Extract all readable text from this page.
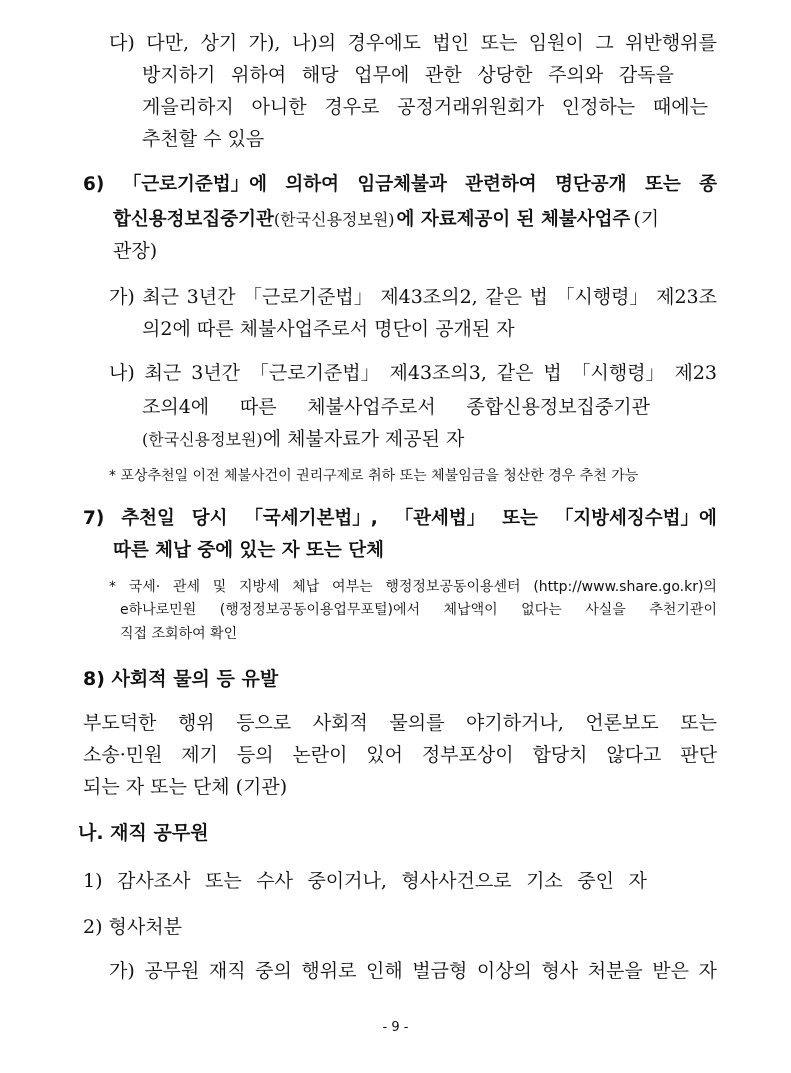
다) 다만, 상기 가), 나)의 경우에도 법인 또는 임원이 그 위반행위를
방지하기 위하여 해당 업무에 관한 상당한 주의와 감독을
게을리하지 아니한 경우로 공정거래위원회가 인정하는 때에는
추천할 수 있음
6) 「근로기준법」에 의하여 임금체불과 관련하여 명단공개 또는 종
합신용정보집중기관(한국신용정보원) 에 자료제공이 된 체불사업주 (기
관장)
가) 최근 3년간 「근로기준법」 제43조의2, 같은 법 「시행령」 제23조
의2에 따른 체불사업주로서 명단이 공개된 자
나) 최근 3년간 「근로기준법」 제43조의3, 같은 법 「시행령」 제23
조의4에 따른 체불사업주로서 종합신용정보집중기관
(한국신용정보원)에 체불자료가 제공된 자
* 포상추천일 이전 체불사건이 권리구제로 취하 또는 체불임금을 청산한 경우 추천 가능
7) 추천일 당시 「국세기본법」, 「관세법」 또는 「지방세징수법」에
따른 체납 중에 있는 자 또는 단체
* 국세· 관세 및 지방세 체납 여부는 행정정보공동이용센터 (http://www.share.go.kr)의
e하나로민원 (행정정보공동이용업무포털)에서 체납액이 없다는 사실을 추천기관이
직접 조회하여 확인
8) 사회적 물의 등 유발
부도덕한 행위 등으로 사회적 물의를 야기하거나, 언론보도 또는
소송·민원 제기 등의 논란이 있어 정부포상이 합당치 않다고 판단
되는 자 또는 단체 (기관)
나. 재직 공무원
1) 감사조사 또는 수사 중이거나, 형사사건으로 기소 중인 자
2) 형사처분
가) 공무원 재직 중의 행위로 인해 벌금형 이상의 형사 처분을 받은 자
- 9 -
